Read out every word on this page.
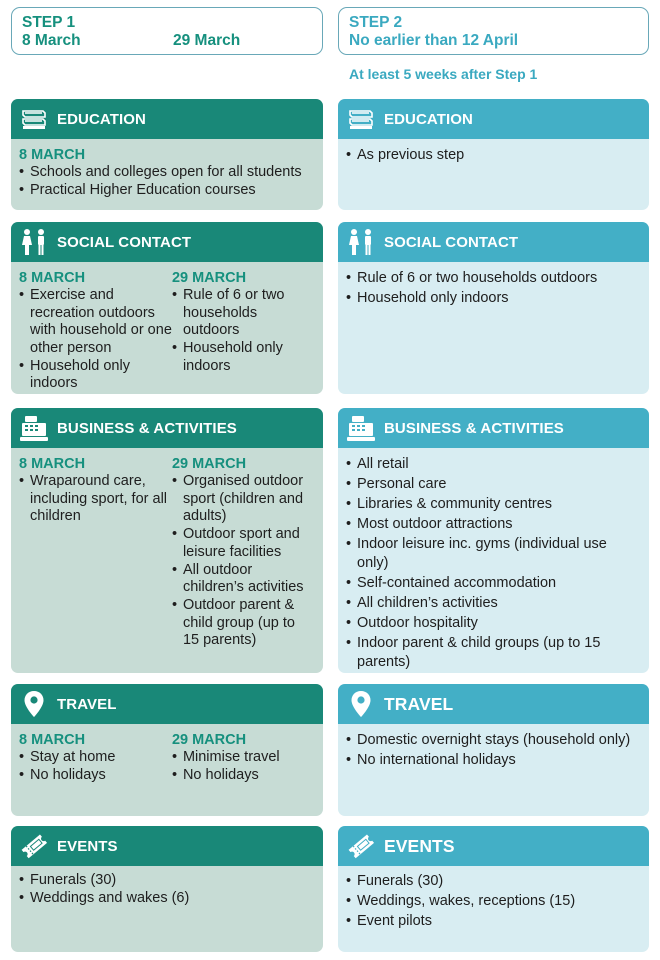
STEP 1
8 March	29 March
STEP 2
No earlier than 12 April
At least 5 weeks after Step 1
EDUCATION
8 MARCH
• Schools and colleges open for all students
• Practical Higher Education courses
EDUCATION
• As previous step
SOCIAL CONTACT
8 MARCH
• Exercise and recreation outdoors with household or one other person
• Household only indoors
29 MARCH
• Rule of 6 or two households outdoors
• Household only indoors
SOCIAL CONTACT
• Rule of 6 or two households outdoors
• Household only indoors
BUSINESS & ACTIVITIES
8 MARCH
• Wraparound care, including sport, for all children
29 MARCH
• Organised outdoor sport (children and adults)
• Outdoor sport and leisure facilities
• All outdoor children’s activities
• Outdoor parent & child group (up to 15 parents)
BUSINESS & ACTIVITIES
• All retail
• Personal care
• Libraries & community centres
• Most outdoor attractions
• Indoor leisure inc. gyms (individual use only)
• Self-contained accommodation
• All children’s activities
• Outdoor hospitality
• Indoor parent & child groups (up to 15 parents)
TRAVEL
8 MARCH
• Stay at home
• No holidays
29 MARCH
• Minimise travel
• No holidays
TRAVEL
• Domestic overnight stays (household only)
• No international holidays
EVENTS
• Funerals (30)
• Weddings and wakes (6)
EVENTS
• Funerals (30)
• Weddings, wakes, receptions (15)
• Event pilots
